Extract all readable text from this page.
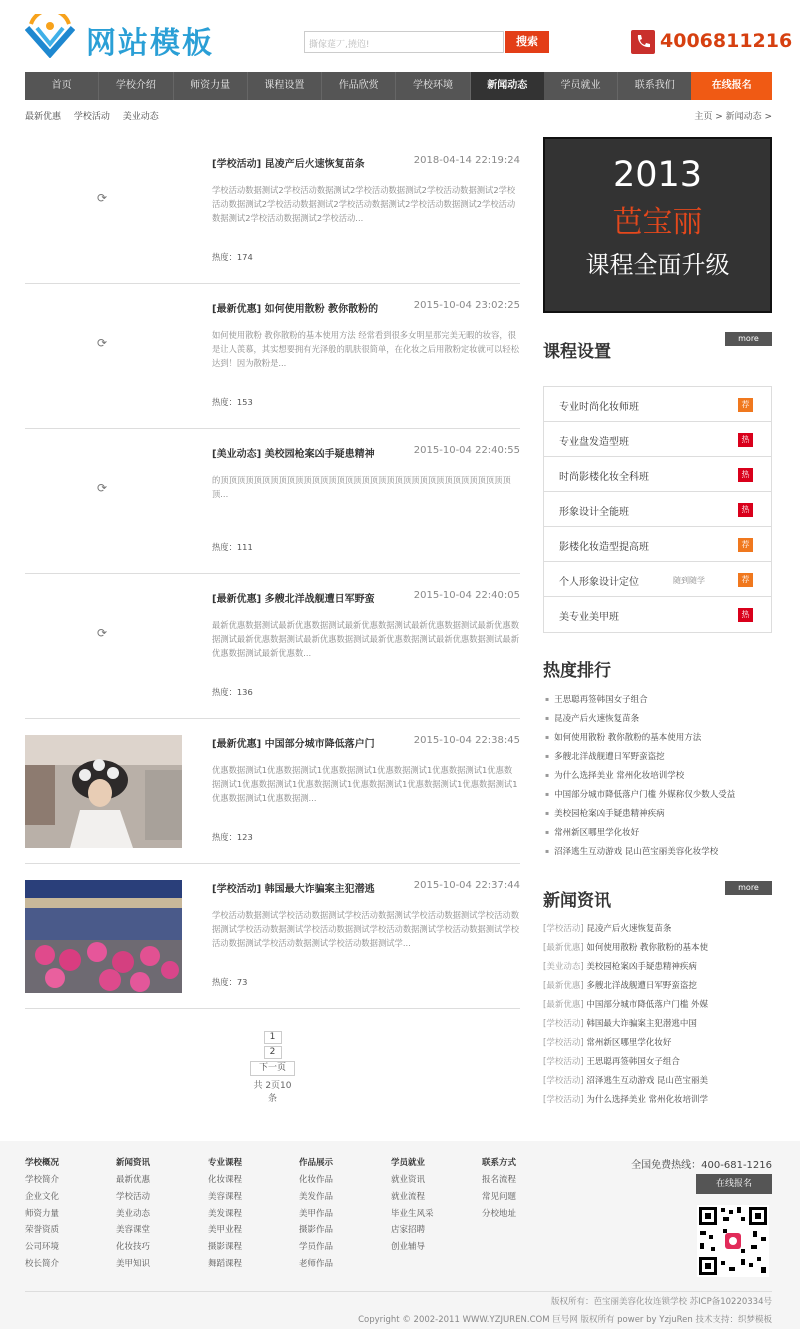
网站模板	撕傢莚丆,撓尦!	搜索	4006811216
首页	学校介绍	师资力量	课程设置	作品欣赏	学校环境	新闻动态	学员就业	联系我们	在线报名
最新优惠 学校活动 美业动态	主页 > 新闻动态 >
⟳
[学校活动] 昆凌产后火速恢复苗条	2018-04-14 22:19:24
学校活动数据测试2学校活动数据测试2学校活动数据测试2学校活动数据测试2学校活动数据测试2学校活动数据测试2学校活动数据测试2学校活动数据测试2学校活动数据测试2学校活动数据测试2学校活动...
热度：174
⟳
[最新优惠] 如何使用散粉 教你散粉的	2015-10-04 23:02:25
如何使用散粉 教你散粉的基本使用方法 经常看到很多女明星那完美无暇的妆容，很是让人羡慕，其实想要拥有光泽般的肌肤很简单，在化妆之后用散粉定妆就可以轻松达到！因为散粉是...
热度：153
⟳
[美业动态] 美校园枪案凶手疑患精神	2015-10-04 22:40:55
的顶顶顶顶顶顶顶顶顶顶顶顶顶顶顶顶顶顶顶顶顶顶顶顶顶顶顶顶顶顶顶顶顶顶顶顶...
热度：111
⟳
[最新优惠] 多艘北洋战舰遭日军野蛮	2015-10-04 22:40:05
最新优惠数据测试最新优惠数据测试最新优惠数据测试最新优惠数据测试最新优惠数据测试最新优惠数据测试最新优惠数据测试最新优惠数据测试最新优惠数据测试最新优惠数据测试最新优惠数...
热度：136
[最新优惠] 中国部分城市降低落户门	2015-10-04 22:38:45
优惠数据测试1优惠数据测试1优惠数据测试1优惠数据测试1优惠数据测试1优惠数据测试1优惠数据测试1优惠数据测试1优惠数据测试1优惠数据测试1优惠数据测试1优惠数据测试1优惠数据测...
热度：123
[学校活动] 韩国最大诈骗案主犯潜逃	2015-10-04 22:37:44
学校活动数据测试学校活动数据测试学校活动数据测试学校活动数据测试学校活动数据测试学校活动数据测试学校活动数据测试学校活动数据测试学校活动数据测试学校活动数据测试学校活动数据测试学校活动数据测试学...
热度：73
1
2
下一页
共 2页10条
2013
芭宝丽
课程全面升级
课程设置
more
专业时尚化妆师班	荐
专业盘发造型班	热
时尚影楼化妆全科班	热
形象设计全能班	热
影楼化妆造型提高班	荐
个人形象设计定位	随到随学	荐
美专业美甲班	热
热度排行
▪ 王思聪再签韩国女子组合
▪ 昆凌产后火速恢复苗条
▪ 如何使用散粉 教你散粉的基本使用方法
▪ 多艘北洋战舰遭日军野蛮盗挖
▪ 为什么选择美业 常州化妆培训学校
▪ 中国部分城市降低落户门槛 外媒称仅少数人受益
▪ 美校园枪案凶手疑患精神疾病
▪ 常州新区哪里学化妆好
▪ 沼泽逃生互动游戏 昆山芭宝丽美容化妆学校
新闻资讯
more
[学校活动] 昆凌产后火速恢复苗条
[最新优惠] 如何使用散粉 教你散粉的基本使
[美业动态] 美校园枪案凶手疑患精神疾病
[最新优惠] 多艘北洋战舰遭日军野蛮盗挖
[最新优惠] 中国部分城市降低落户门槛 外媒
[学校活动] 韩国最大诈骗案主犯潜逃中国
[学校活动] 常州新区哪里学化妆好
[学校活动] 王思聪再签韩国女子组合
[学校活动] 沼泽逃生互动游戏 昆山芭宝丽美
[学校活动] 为什么选择美业 常州化妆培训学
学校概况
学校简介
企业文化
师资力量
荣誉资质
公司环境
校长简介
新闻资讯
最新优惠
学校活动
美业动态
美容课堂
化妆技巧
美甲知识
专业课程
化妆课程
美容课程
美发课程
美甲业程
摄影课程
舞蹈课程
作品展示
化妆作品
美发作品
美甲作品
摄影作品
学员作品
老师作品
学员就业
就业资讯
就业流程
毕业生风采
店家招聘
创业辅导
联系方式
报名流程
常见问题
分校地址
全国免费热线：400-681-1216
在线报名
版权所有：芭宝丽美容化妆连锁学校 苏ICP备10220334号
Copyright © 2002-2011 WWW.YZJUREN.COM 巨号网 版权所有 power by YzjuRen 技术支持：织梦模板
